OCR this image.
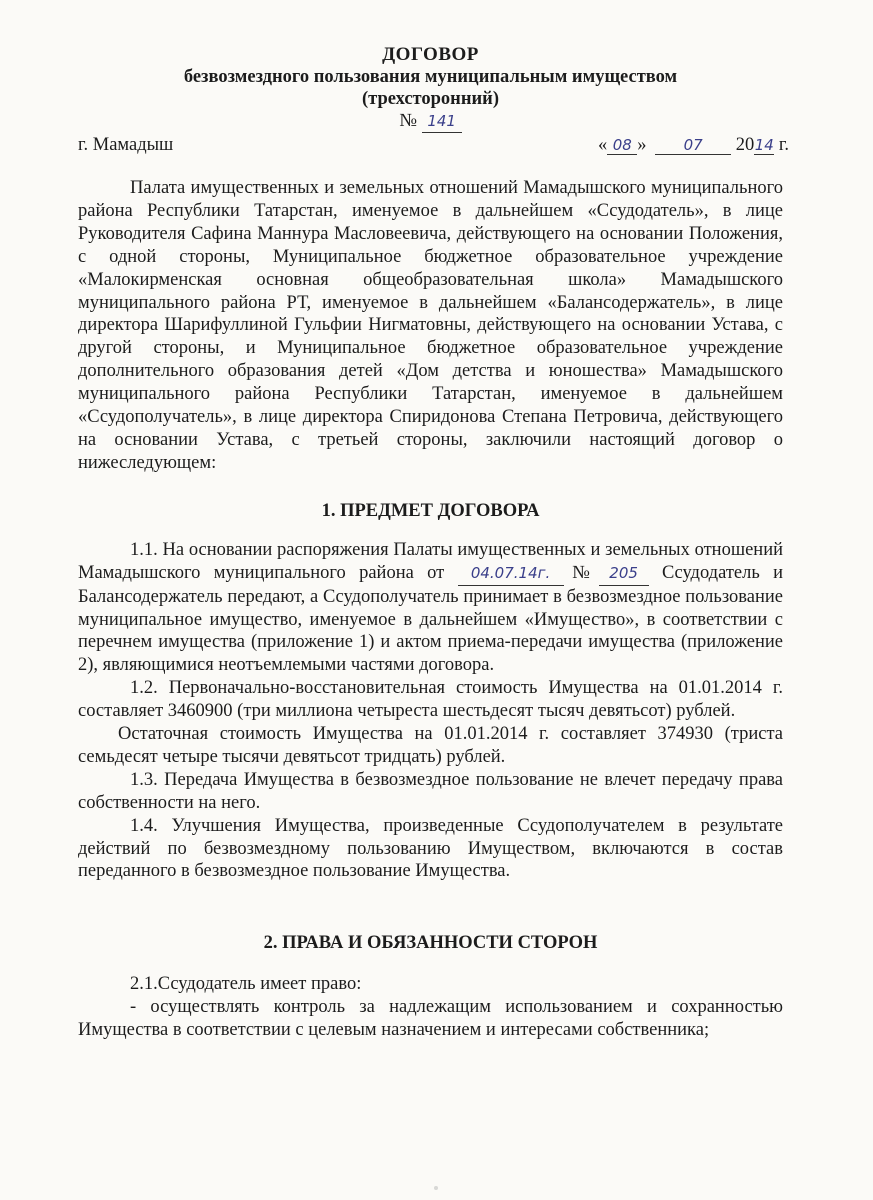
ДОГОВОР
безвозмездного пользования муниципальным имуществом
(трехсторонний)
№ 141
г. Мамадыш	« 08 » 07 2014 г.

Палата имущественных и земельных отношений Мамадышского муниципального района Республики Татарстан, именуемое в дальнейшем «Ссудодатель», в лице Руководителя Сафина Маннура Масловеевича, действующего на основании Положения, с одной стороны, Муниципальное бюджетное образовательное учреждение «Малокирменская основная общеобразовательная школа» Мамадышского муниципального района РТ, именуемое в дальнейшем «Балансодержатель», в лице директора Шарифуллиной Гульфии Нигматовны, действующего на основании Устава, с другой стороны, и Муниципальное бюджетное образовательное учреждение дополнительного образования детей «Дом детства и юношества» Мамадышского муниципального района Республики Татарстан, именуемое в дальнейшем «Ссудополучатель», в лице директора Спиридонова Степана Петровича, действующего на основании Устава, с третьей стороны, заключили настоящий договор о нижеследующем:

1. ПРЕДМЕТ ДОГОВОРА

1.1. На основании распоряжения Палаты имущественных и земельных отношений Мамадышского муниципального района от 04.07.14г. № 205 Ссудодатель и Балансодержатель передают, а Ссудополучатель принимает в безвозмездное пользование муниципальное имущество, именуемое в дальнейшем «Имущество», в соответствии с перечнем имущества (приложение 1) и актом приема-передачи имущества (приложение 2), являющимися неотъемлемыми частями договора.

1.2. Первоначально-восстановительная стоимость Имущества на 01.01.2014 г. составляет 3460900 (три миллиона четыреста шестьдесят тысяч девятьсот) рублей.

Остаточная стоимость Имущества на 01.01.2014 г. составляет 374930 (триста семьдесят четыре тысячи девятьсот тридцать) рублей.

1.3. Передача Имущества в безвозмездное пользование не влечет передачу права собственности на него.

1.4. Улучшения Имущества, произведенные Ссудополучателем в результате действий по безвозмездному пользованию Имуществом, включаются в состав переданного в безвозмездное пользование Имущества.

2. ПРАВА И ОБЯЗАННОСТИ СТОРОН

2.1.Ссудодатель имеет право:

- осуществлять контроль за надлежащим использованием и сохранностью Имущества в соответствии с целевым назначением и интересами собственника;
